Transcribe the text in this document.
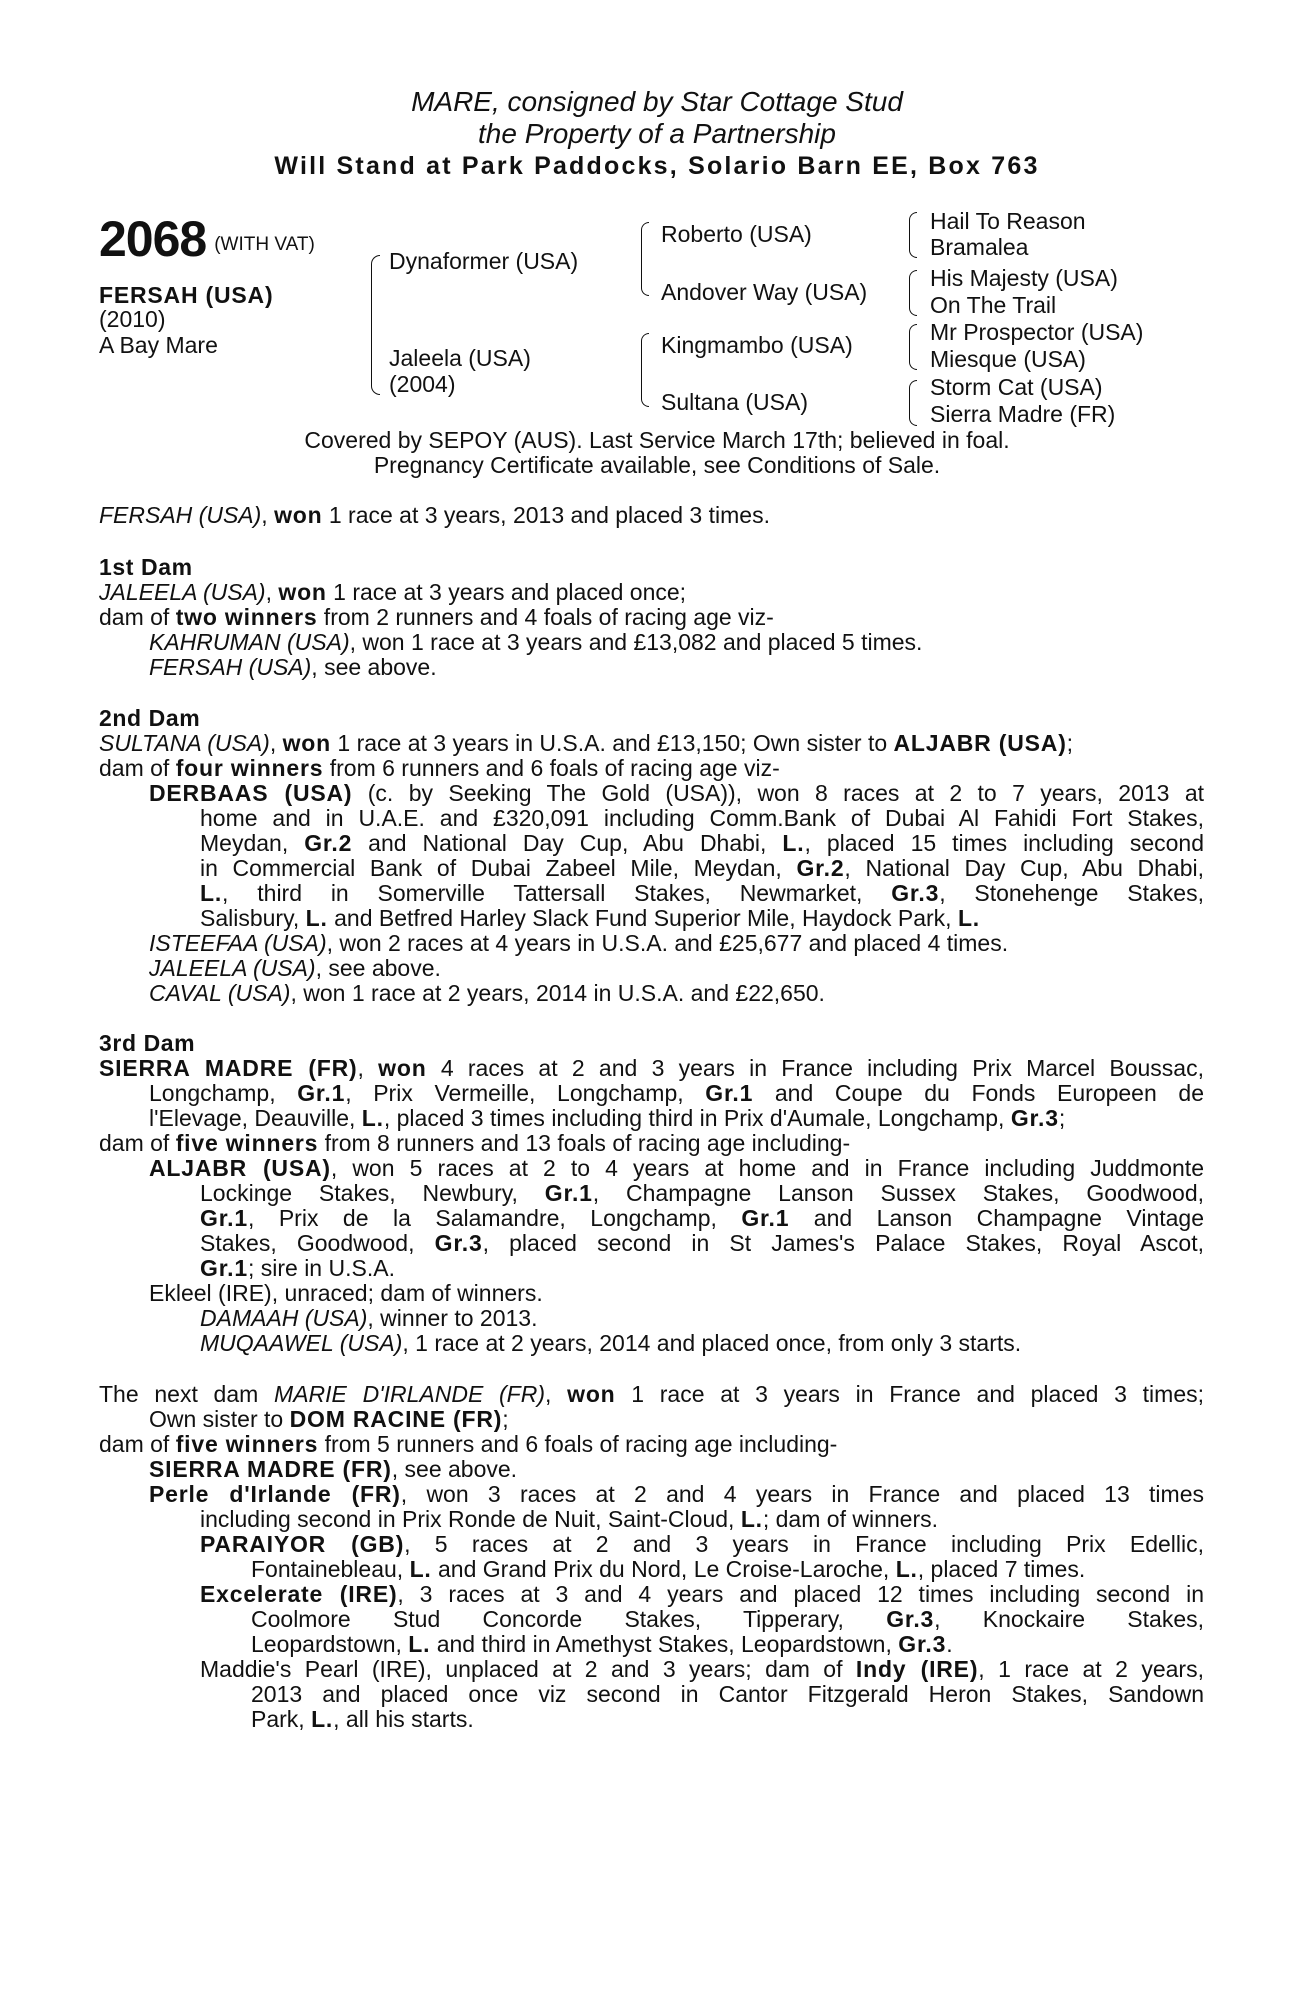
MARE, consigned by Star Cottage Stud
the Property of a Partnership
Will Stand at Park Paddocks, Solario Barn EE, Box 763
2068 (WITH VAT)
FERSAH (USA)
(2010)
A Bay Mare
Dynaformer (USA)
Jaleela (USA)
(2004)
Roberto (USA)
Andover Way (USA)
Kingmambo (USA)
Sultana (USA)
Hail To Reason
Bramalea
His Majesty (USA)
On The Trail
Mr Prospector (USA)
Miesque (USA)
Storm Cat (USA)
Sierra Madre (FR)
Covered by SEPOY (AUS). Last Service March 17th; believed in foal.
Pregnancy Certificate available, see Conditions of Sale.
FERSAH (USA), won 1 race at 3 years, 2013 and placed 3 times.
1st Dam
JALEELA (USA), won 1 race at 3 years and placed once;
dam of two winners from 2 runners and 4 foals of racing age viz-
KAHRUMAN (USA), won 1 race at 3 years and £13,082 and placed 5 times.
FERSAH (USA), see above.
2nd Dam
SULTANA (USA), won 1 race at 3 years in U.S.A. and £13,150; Own sister to ALJABR (USA);
dam of four winners from 6 runners and 6 foals of racing age viz-
DERBAAS (USA) (c. by Seeking The Gold (USA)), won 8 races at 2 to 7 years, 2013 at
home and in U.A.E. and £320,091 including Comm.Bank of Dubai Al Fahidi Fort Stakes,
Meydan, Gr.2 and National Day Cup, Abu Dhabi, L., placed 15 times including second
in Commercial Bank of Dubai Zabeel Mile, Meydan, Gr.2, National Day Cup, Abu Dhabi,
L., third in Somerville Tattersall Stakes, Newmarket, Gr.3, Stonehenge Stakes,
Salisbury, L. and Betfred Harley Slack Fund Superior Mile, Haydock Park, L.
ISTEEFAA (USA), won 2 races at 4 years in U.S.A. and £25,677 and placed 4 times.
JALEELA (USA), see above.
CAVAL (USA), won 1 race at 2 years, 2014 in U.S.A. and £22,650.
3rd Dam
SIERRA MADRE (FR), won 4 races at 2 and 3 years in France including Prix Marcel Boussac,
Longchamp, Gr.1, Prix Vermeille, Longchamp, Gr.1 and Coupe du Fonds Europeen de
l'Elevage, Deauville, L., placed 3 times including third in Prix d'Aumale, Longchamp, Gr.3;
dam of five winners from 8 runners and 13 foals of racing age including-
ALJABR (USA), won 5 races at 2 to 4 years at home and in France including Juddmonte
Lockinge Stakes, Newbury, Gr.1, Champagne Lanson Sussex Stakes, Goodwood,
Gr.1, Prix de la Salamandre, Longchamp, Gr.1 and Lanson Champagne Vintage
Stakes, Goodwood, Gr.3, placed second in St James's Palace Stakes, Royal Ascot,
Gr.1; sire in U.S.A.
Ekleel (IRE), unraced; dam of winners.
DAMAAH (USA), winner to 2013.
MUQAAWEL (USA), 1 race at 2 years, 2014 and placed once, from only 3 starts.
The next dam MARIE D'IRLANDE (FR), won 1 race at 3 years in France and placed 3 times;
Own sister to DOM RACINE (FR);
dam of five winners from 5 runners and 6 foals of racing age including-
SIERRA MADRE (FR), see above.
Perle d'Irlande (FR), won 3 races at 2 and 4 years in France and placed 13 times
including second in Prix Ronde de Nuit, Saint-Cloud, L.; dam of winners.
PARAIYOR (GB), 5 races at 2 and 3 years in France including Prix Edellic,
Fontainebleau, L. and Grand Prix du Nord, Le Croise-Laroche, L., placed 7 times.
Excelerate (IRE), 3 races at 3 and 4 years and placed 12 times including second in
Coolmore Stud Concorde Stakes, Tipperary, Gr.3, Knockaire Stakes,
Leopardstown, L. and third in Amethyst Stakes, Leopardstown, Gr.3.
Maddie's Pearl (IRE), unplaced at 2 and 3 years; dam of Indy (IRE), 1 race at 2 years,
2013 and placed once viz second in Cantor Fitzgerald Heron Stakes, Sandown
Park, L., all his starts.
